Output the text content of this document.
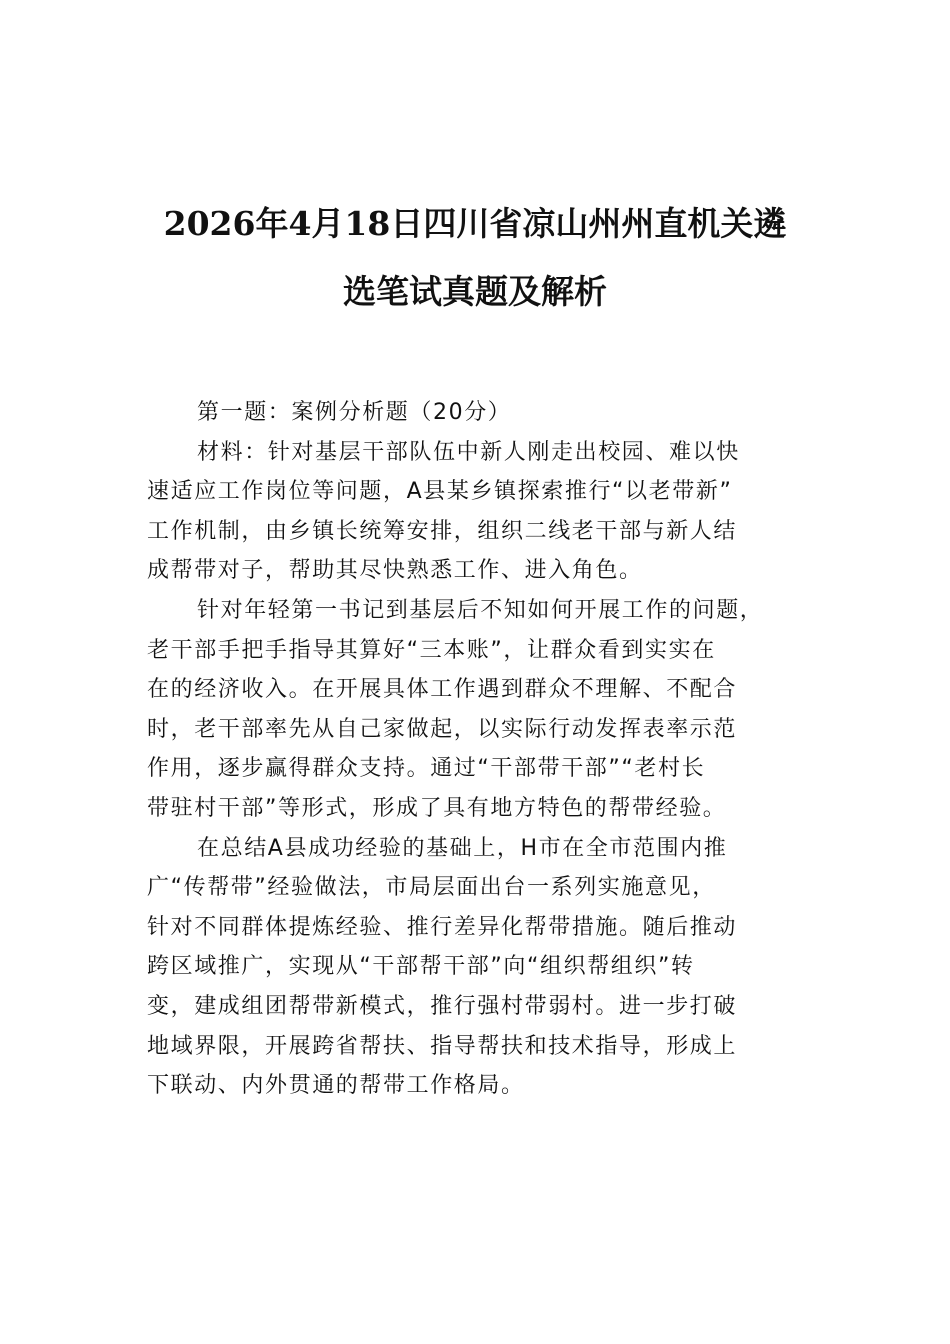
2026年4月18日四川省凉山州州直机关遴
选笔试真题及解析

第一题：案例分析题（20分）

材料：针对基层干部队伍中新人刚走出校园、难以快
速适应工作岗位等问题，A县某乡镇探索推行“以老带新”
工作机制，由乡镇长统筹安排，组织二线老干部与新人结
成帮带对子，帮助其尽快熟悉工作、进入角色。

针对年轻第一书记到基层后不知如何开展工作的问题，
老干部手把手指导其算好“三本账”，让群众看到实实在
在的经济收入。在开展具体工作遇到群众不理解、不配合
时，老干部率先从自己家做起，以实际行动发挥表率示范
作用，逐步赢得群众支持。通过“干部带干部”“老村长
带驻村干部”等形式，形成了具有地方特色的帮带经验。

在总结A县成功经验的基础上，H市在全市范围内推
广“传帮带”经验做法，市局层面出台一系列实施意见，
针对不同群体提炼经验、推行差异化帮带措施。随后推动
跨区域推广，实现从“干部帮干部”向“组织帮组织”转
变，建成组团帮带新模式，推行强村带弱村。进一步打破
地域界限，开展跨省帮扶、指导帮扶和技术指导，形成上
下联动、内外贯通的帮带工作格局。
